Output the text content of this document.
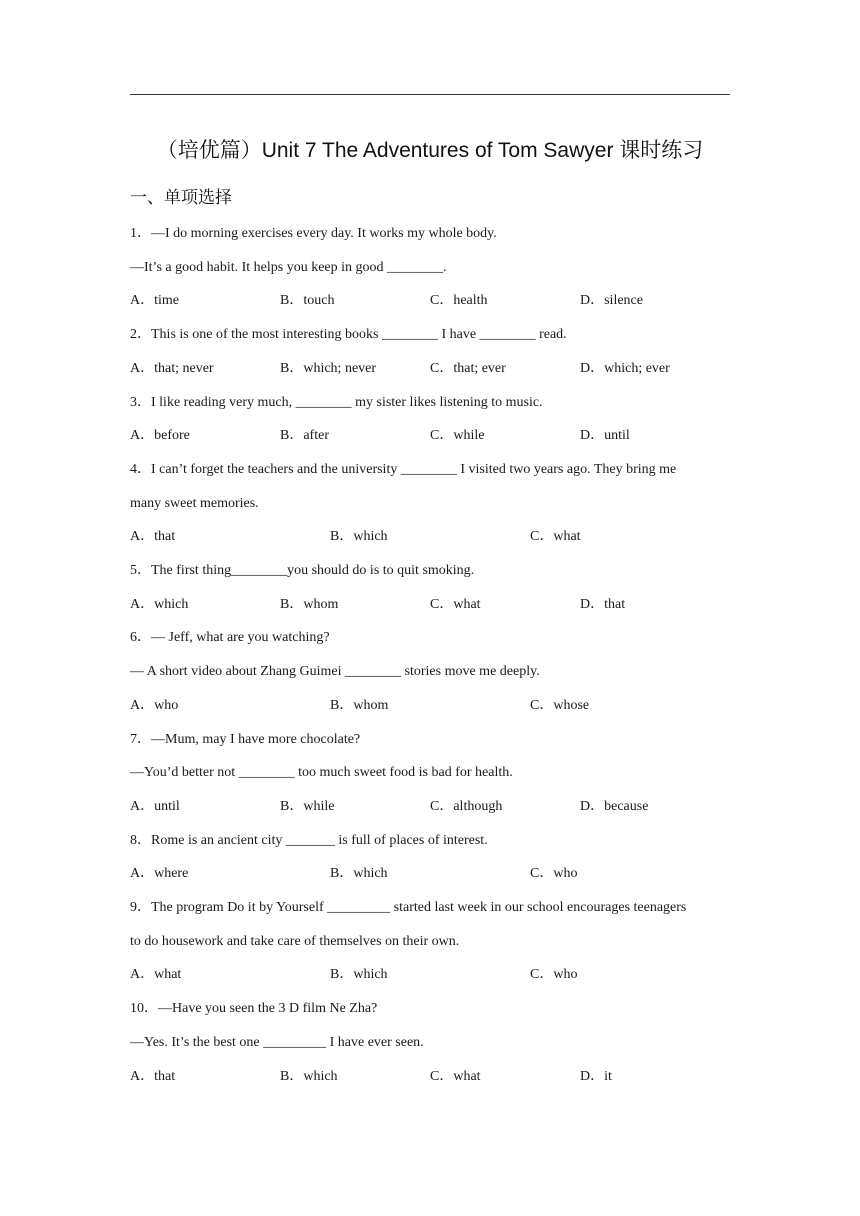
（培优篇）Unit 7 The Adventures of Tom Sawyer 课时练习
一、单项选择
1．—I do morning exercises every day. It works my whole body.
—It’s a good habit. It helps you keep in good ________.
A．time	B．touch	C．health	D．silence
2．This is one of the most interesting books ________ I have ________ read.
A．that; never	B．which; never	C．that; ever	D．which; ever
3．I like reading very much, ________ my sister likes listening to music.
A．before	B．after	C．while	D．until
4．I can’t forget the teachers and the university ________ I visited two years ago. They bring me
many sweet memories.
A．that	B．which	C．what
5．The first thing________you should do is to quit smoking.
A．which	B．whom	C．what	D．that
6．— Jeff, what are you watching?
— A short video about Zhang Guimei ________ stories move me deeply.
A．who	B．whom	C．whose
7．—Mum, may I have more chocolate?
—You’d better not ________ too much sweet food is bad for health.
A．until	B．while	C．although	D．because
8．Rome is an ancient city _______ is full of places of interest.
A．where	B．which	C．who
9．The program Do it by Yourself _________ started last week in our school encourages teenagers
to do housework and take care of themselves on their own.
A．what	B．which	C．who
10．—Have you seen the 3 D film Ne Zha?
—Yes. It’s the best one _________ I have ever seen.
A．that	B．which	C．what	D．it
